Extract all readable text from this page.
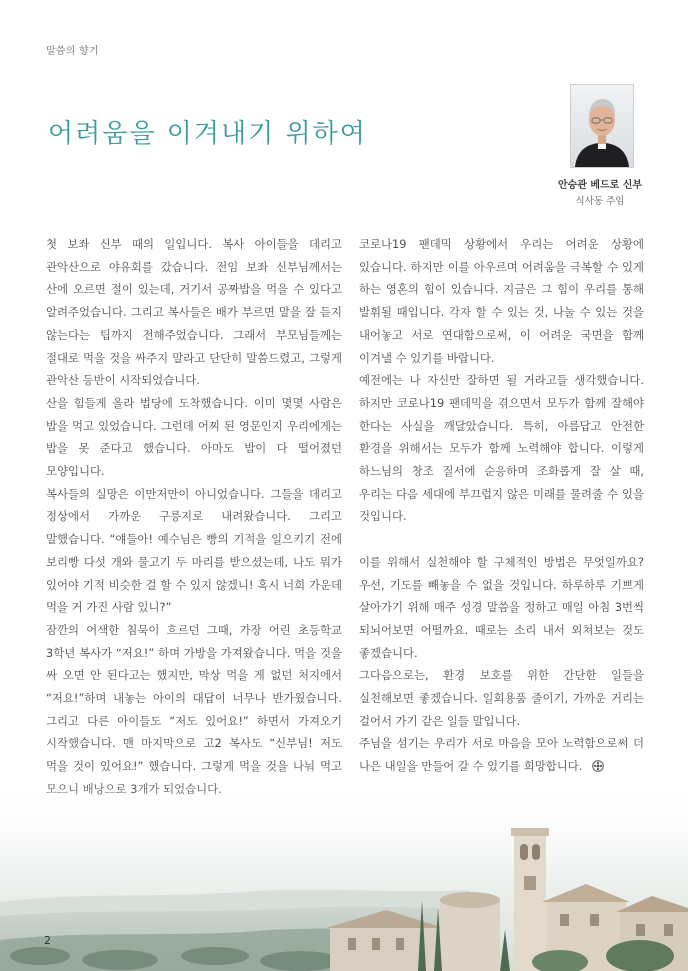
말씀의 향기
어려움을 이겨내기 위하여
안승관 베드로 신부
식사동 주임

첫 보좌 신부 때의 일입니다. 복사 아이들을 데리고 관악산으로 야유회를 갔습니다. 전임 보좌 신부님께서는 산에 오르면 절이 있는데, 거기서 공짜밥을 먹을 수 있다고 알려주었습니다. 그리고 복사들은 배가 부르면 말을 잘 듣지 않는다는 팁까지 전해주었습니다. 그래서 부모님들께는 절대로 먹을 것을 싸주지 말라고 단단히 말씀드렸고, 그렇게 관악산 등반이 시작되었습니다.

산을 힘들게 올라 법당에 도착했습니다. 이미 몇몇 사람은 밥을 먹고 있었습니다. 그런데 어찌 된 영문인지 우리에게는 밥을 못 준다고 했습니다. 아마도 밥이 다 떨어졌던 모양입니다.

복사들의 실망은 이만저만이 아니었습니다. 그들을 데리고 정상에서 가까운 구릉지로 내려왔습니다. 그리고 말했습니다. “얘들아! 예수님은 빵의 기적을 일으키기 전에 보리빵 다섯 개와 물고기 두 마리를 받으셨는데, 나도 뭐가 있어야 기적 비슷한 걸 할 수 있지 않겠니! 혹시 너희 가운데 먹을 거 가진 사람 있니?”

잠깐의 어색한 침묵이 흐르던 그때, 가장 어린 초등학교 3학년 복사가 “저요!” 하며 가방을 가져왔습니다. 먹을 것을 싸 오면 안 된다고는 했지만, 막상 먹을 게 없던 처지에서 “저요!”하며 내놓는 아이의 대답이 너무나 반가웠습니다. 그리고 다른 아이들도 “저도 있어요!” 하면서 가져오기 시작했습니다. 맨 마지막으로 고2 복사도 “신부님! 저도 먹을 것이 있어요!” 했습니다. 그렇게 먹을 것을 나눠 먹고

코로나19 팬데믹 상황에서 우리는 어려운 상황에 있습니다. 하지만 이를 아우르며 어려움을 극복할 수 있게 하는 영혼의 힘이 있습니다. 지금은 그 힘이 우리를 통해 발휘될 때입니다. 각자 할 수 있는 것, 나눌 수 있는 것을 내어놓고 서로 연대함으로써, 이 어려운 국면을 함께 이겨낼 수 있기를 바랍니다.

예전에는 나 자신만 잘하면 될 거라고들 생각했습니다. 하지만 코로나19 팬데믹을 겪으면서 모두가 함께 잘해야 한다는 사실을 깨달았습니다. 특히, 아름답고 안전한 환경을 위해서는 모두가 함께 노력해야 합니다. 이렇게 하느님의 창조 질서에 순응하며 조화롭게 잘 살 때, 우리는 다음 세대에 부끄럽지 않은 미래를 물려줄 수 있을 것입니다.

이를 위해서 실천해야 할 구체적인 방법은 무엇일까요? 우선, 기도를 빼놓을 수 없을 것입니다. 하루하루 기쁘게 살아가기 위해 매주 성경 말씀을 정하고 매일 아침 3번씩 되뇌어보면 어떨까요. 때로는 소리 내서 외쳐보는 것도 좋겠습니다.

그다음으로는, 환경 보호를 위한 간단한 일들을 실천해보면 좋겠습니다. 일회용품 줄이기, 가까운 거리는 걸어서 가기 같은 일들 말입니다.

주님을 섬기는 우리가 서로 마음을 모아 노력함으로써 더 나은 내일을 만들어 갈 수 있기를 희망합니다.

2
